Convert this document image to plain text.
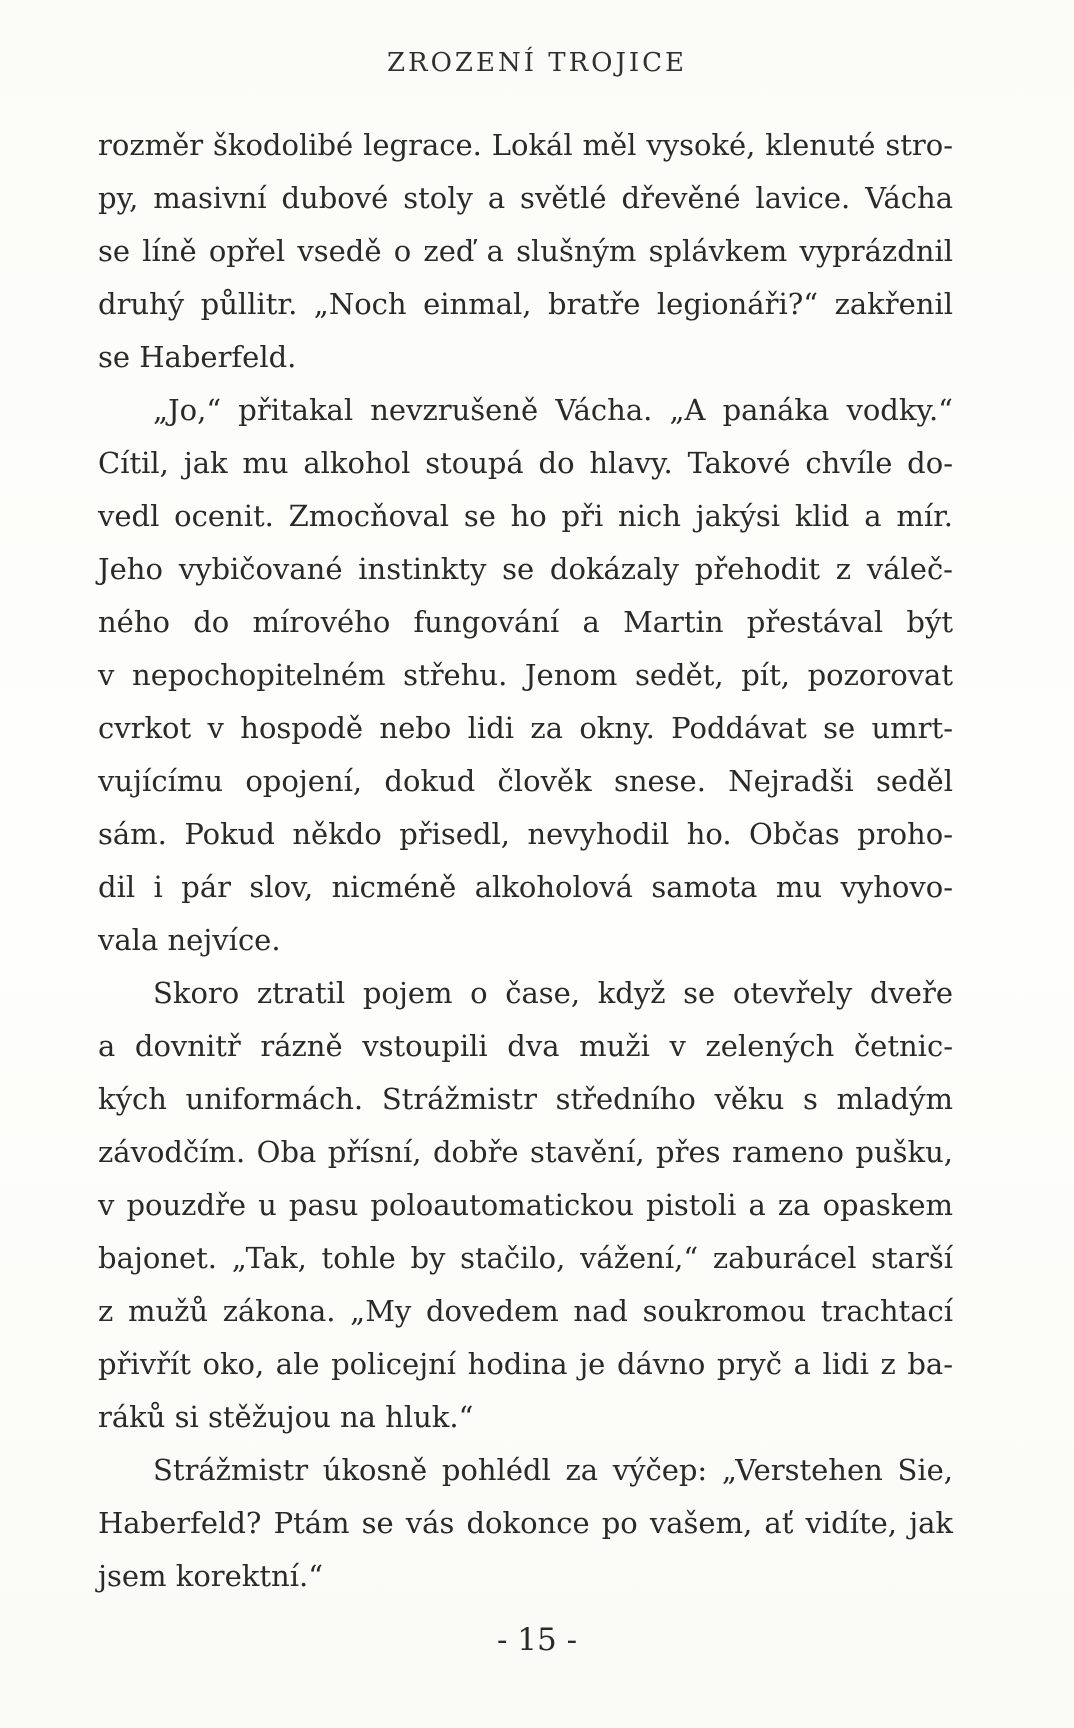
ZROZENÍ TROJICE
rozměr škodolibé legrace. Lokál měl vysoké, klenuté stro-
py, masivní dubové stoly a světlé dřevěné lavice. Vácha
se líně opřel vsedě o zeď a slušným splávkem vyprázdnil
druhý půllitr. „Noch einmal, bratře legionáři?“ zakřenil
se Haberfeld.
„Jo,“ přitakal nevzrušeně Vácha. „A panáka vodky.“
Cítil, jak mu alkohol stoupá do hlavy. Takové chvíle do-
vedl ocenit. Zmocňoval se ho při nich jakýsi klid a mír.
Jeho vybičované instinkty se dokázaly přehodit z váleč-
ného do mírového fungování a Martin přestával být
v nepochopitelném střehu. Jenom sedět, pít, pozorovat
cvrkot v hospodě nebo lidi za okny. Poddávat se umrt-
vujícímu opojení, dokud člověk snese. Nejradši seděl
sám. Pokud někdo přisedl, nevyhodil ho. Občas proho-
dil i pár slov, nicméně alkoholová samota mu vyhovo-
vala nejvíce.
Skoro ztratil pojem o čase, když se otevřely dveře
a dovnitř rázně vstoupili dva muži v zelených četnic-
kých uniformách. Strážmistr středního věku s mladým
závodčím. Oba přísní, dobře stavění, přes rameno pušku,
v pouzdře u pasu poloautomatickou pistoli a za opaskem
bajonet. „Tak, tohle by stačilo, vážení,“ zaburácel starší
z mužů zákona. „My dovedem nad soukromou trachtací
přivřít oko, ale policejní hodina je dávno pryč a lidi z ba-
ráků si stěžujou na hluk.“
Strážmistr úkosně pohlédl za výčep: „Verstehen Sie,
Haberfeld? Ptám se vás dokonce po vašem, ať vidíte, jak
jsem korektní.“
- 15 -
